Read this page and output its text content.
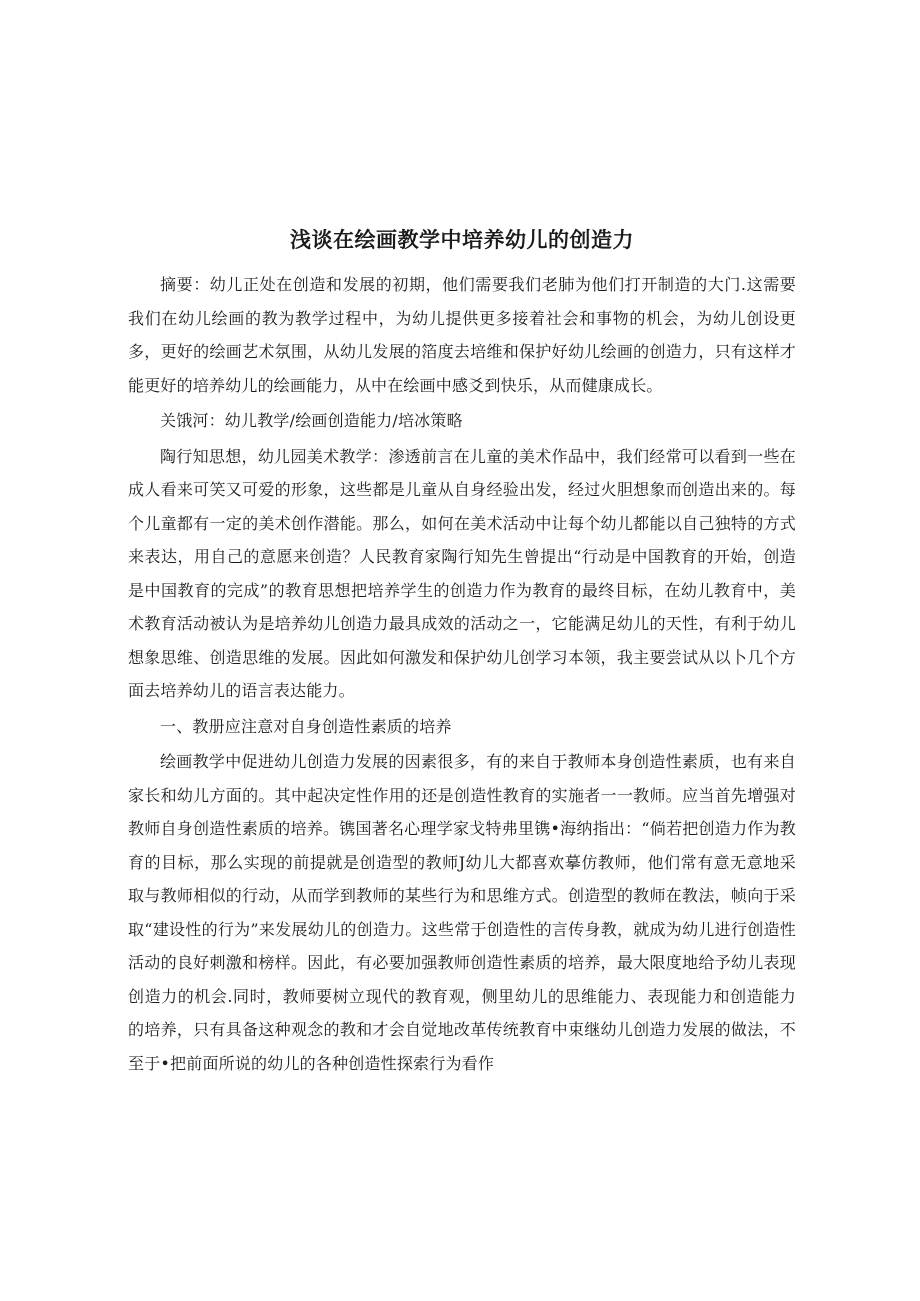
浅谈在绘画教学中培养幼儿的创造力

摘要：幼儿正处在创造和发展的初期，他们需要我们老肺为他们打开制造的大门.这需要我们在幼儿绘画的教为教学过程中，为幼儿提供更多接着社会和事物的机会，为幼儿创设更多，更好的绘画艺术氛围，从幼儿发展的箔度去培维和保护好幼儿绘画的创造力，只有这样才能更好的培养幼儿的绘画能力，从中在绘画中感爻到快乐，从而健康成长。

关饿河：幼儿教学/绘画创造能力/培冰策略

陶行知思想，幼儿园美术教学：渗透前言在儿童的美术作品中，我们经常可以看到一些在成人看来可笑又可爱的形象，这些都是儿童从自身经验出发，经过火胆想象而创造出来的。每个儿童都有一定的美术创作潜能。那么，如何在美术活动中让每个幼儿都能以自己独特的方式来表达，用自己的意愿来创造？人民教育家陶行知先生曾提出“行动是中国教育的开始，创造是中国教育的完成”的教育思想把培养学生的创造力作为教育的最终目标，在幼儿教育中，美术教育活动被认为是培养幼儿创造力最具成效的活动之一，它能满足幼儿的天性，有利于幼儿想象思维、创造思维的发展。因此如何激发和保护幼儿创学习本领，我主要尝试从以卜几个方面去培养幼儿的语言表达能力。

一、教册应注意对自身创造性素质的培养

绘画教学中促进幼儿创造力发展的因素很多，有的来自于教师本身创造性素质，也有来自家长和幼儿方面的。其中起决定性作用的还是创造性教育的实施者一一教师。应当首先增强对教师自身创造性素质的培养。镌国著名心理学家戈特弗里镌•海纳指出：“倘若把创造力作为教育的目标，那么实现的前提就是创造型的教师J幼儿大都喜欢摹仿教师，他们常有意无意地采取与教师相似的行动，从而学到教师的某些行为和思维方式。创造型的教师在教法，帧向于采取“建设性的行为”来发展幼儿的创造力。这些常于创造性的言传身教，就成为幼儿进行创造性活动的良好刺激和榜样。因此，有必要加强教师创造性素质的培养，最大限度地给予幼儿表现创造力的机会.同时，教师要树立现代的教育观，侧里幼儿的思维能力、表现能力和创造能力的培养，只有具备这种观念的教和才会自觉地改革传统教育中束继幼儿创造力发展的做法，不至于•把前面所说的幼儿的各种创造性探索行为看作
